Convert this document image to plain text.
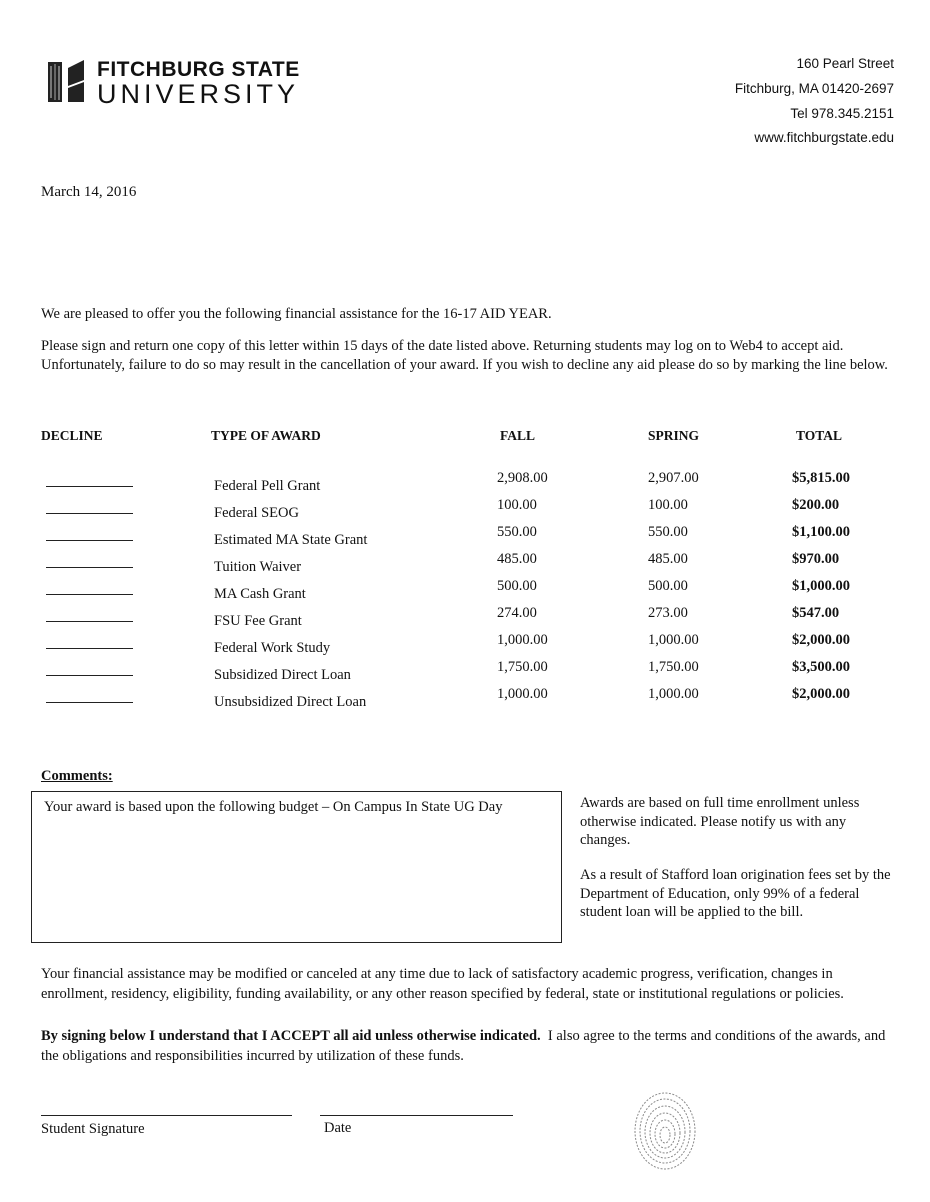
FITCHBURG STATE
UNIVERSITY
160 Pearl Street
Fitchburg, MA 01420-2697
Tel 978.345.2151
www.fitchburgstate.edu
March 14, 2016
We are pleased to offer you the following financial assistance for the 16-17 AID YEAR.
Please sign and return one copy of this letter within 15 days of the date listed above. Returning students may log on to Web4 to accept aid. Unfortunately, failure to do so may result in the cancellation of your award. If you wish to decline any aid please do so by marking the line below.
DECLINE	TYPE OF AWARD	FALL	SPRING	TOTAL
Federal Pell Grant	2,908.00	2,907.00	$5,815.00
Federal SEOG	100.00	100.00	$200.00
Estimated MA State Grant	550.00	550.00	$1,100.00
Tuition Waiver	485.00	485.00	$970.00
MA Cash Grant	500.00	500.00	$1,000.00
FSU Fee Grant	274.00	273.00	$547.00
Federal Work Study	1,000.00	1,000.00	$2,000.00
Subsidized Direct Loan	1,750.00	1,750.00	$3,500.00
Unsubsidized Direct Loan	1,000.00	1,000.00	$2,000.00
Comments:
Your award is based upon the following budget – On Campus In State UG Day	Awards are based on full time enrollment unless otherwise indicated. Please notify us with any changes.
As a result of Stafford loan origination fees set by the Department of Education, only 99% of a federal student loan will be applied to the bill.
Your financial assistance may be modified or canceled at any time due to lack of satisfactory academic progress, verification, changes in enrollment, residency, eligibility, funding availability, or any other reason specified by federal, state or institutional regulations or policies.
By signing below I understand that I ACCEPT all aid unless otherwise indicated. I also agree to the terms and conditions of the awards, and the obligations and responsibilities incurred by utilization of these funds.
Student Signature	Date
